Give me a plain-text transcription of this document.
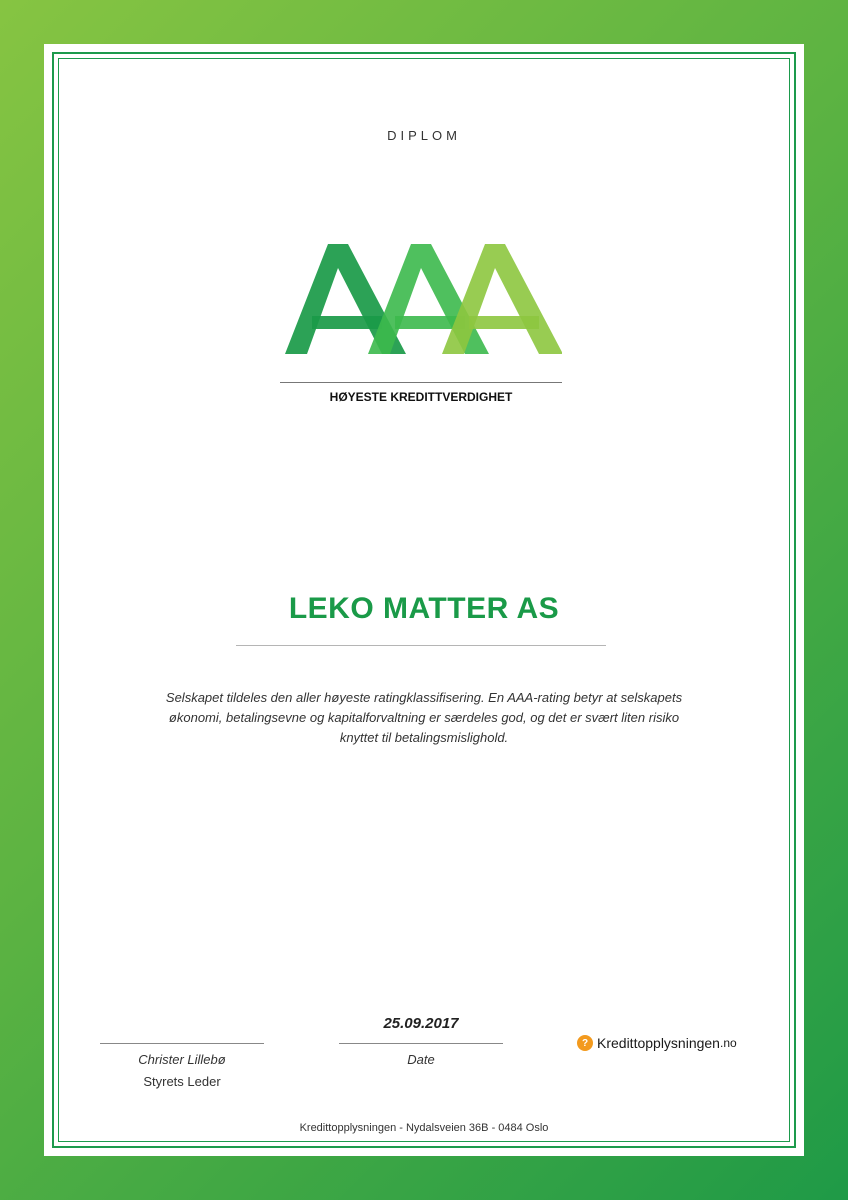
DIPLOM
HØYESTE KREDITTVERDIGHET
LEKO MATTER AS
Selskapet tildeles den aller høyeste ratingklassifisering. En AAA-rating betyr at selskapets økonomi, betalingsevne og kapitalforvaltning er særdeles god, og det er svært liten risiko knyttet til betalingsmislighold.
Christer Lillebø
Styrets Leder
25.09.2017
Date
? Kredittopplysningen .no
Kredittopplysningen - Nydalsveien 36B - 0484 Oslo
